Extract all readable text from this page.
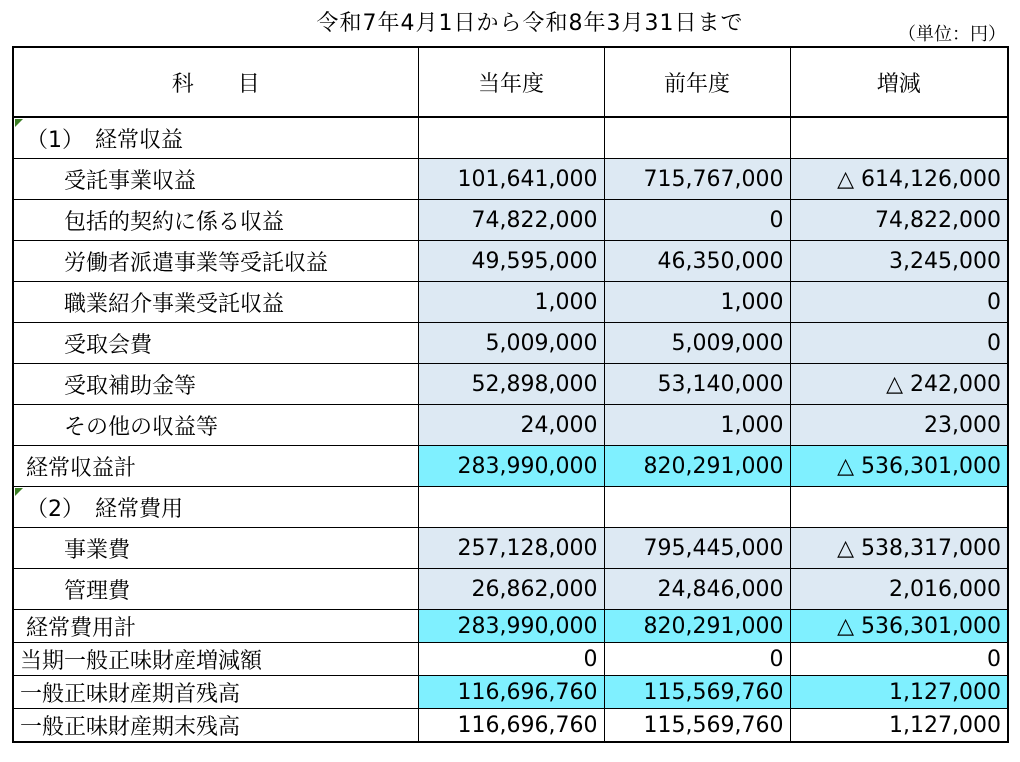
令和7年4月1日から令和8年3月31日まで	（単位：円）
科　　目	当年度	前年度	増減

（1）　経常収益			
受託事業収益	101,641,000	715,767,000	△ 614,126,000
包括的契約に係る収益	74,822,000	0	74,822,000
労働者派遣事業等受託収益	49,595,000	46,350,000	3,245,000
職業紹介事業受託収益	1,000	1,000	0
受取会費	5,009,000	5,009,000	0
受取補助金等	52,898,000	53,140,000	△ 242,000
その他の収益等	24,000	1,000	23,000
経常収益計	283,990,000	820,291,000	△ 536,301,000

（2）　経常費用			
事業費	257,128,000	795,445,000	△ 538,317,000
管理費	26,862,000	24,846,000	2,016,000
経常費用計	283,990,000	820,291,000	△ 536,301,000
当期一般正味財産増減額	0	0	0
一般正味財産期首残高	116,696,760	115,569,760	1,127,000
一般正味財産期末残高	116,696,760	115,569,760	1,127,000
